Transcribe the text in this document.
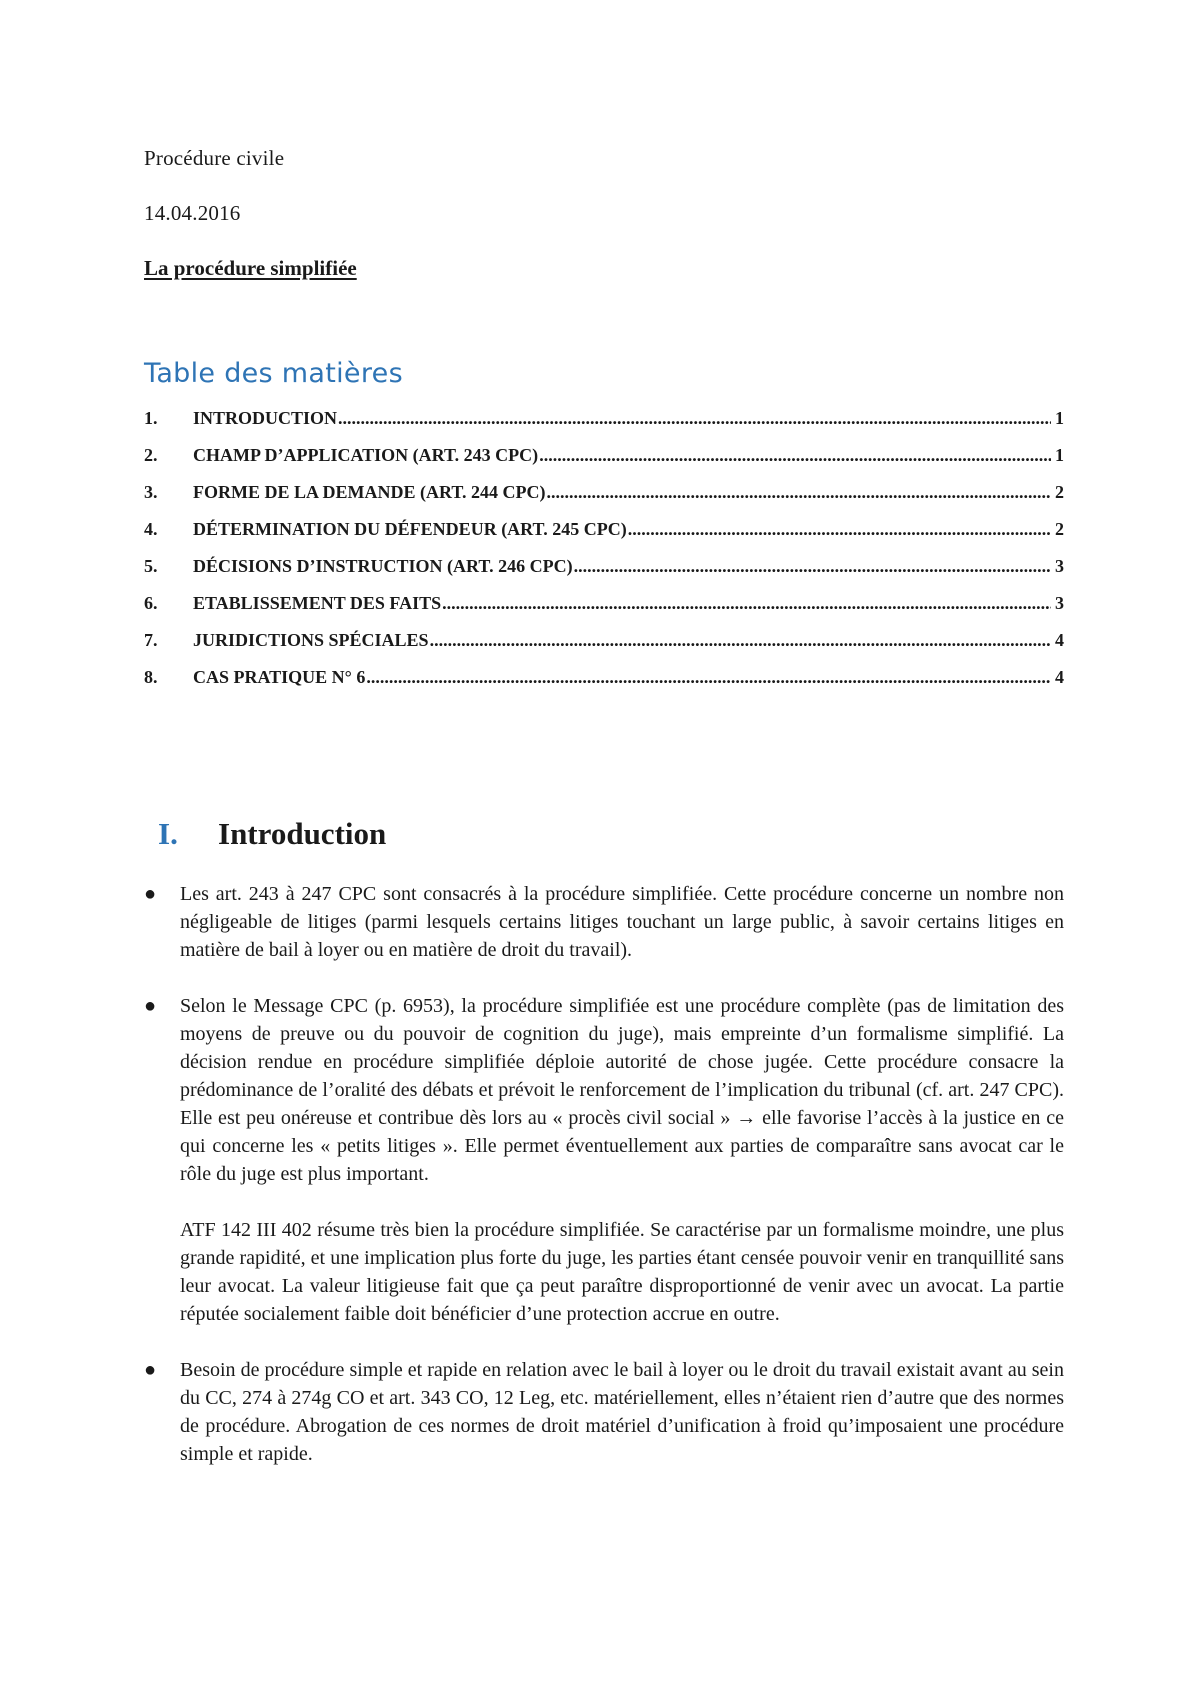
Procédure civile
14.04.2016
La procédure simplifiée
Table des matières
1.	INTRODUCTION .....	1
2.	CHAMP D’APPLICATION (ART. 243 CPC) .....	1
3.	FORME DE LA DEMANDE (ART. 244 CPC) .....	2
4.	DÉTERMINATION DU DÉFENDEUR (ART. 245 CPC) .....	2
5.	DÉCISIONS D’INSTRUCTION (ART. 246 CPC) .....	3
6.	ETABLISSEMENT DES FAITS .....	3
7.	JURIDICTIONS SPÉCIALES .....	4
8.	CAS PRATIQUE N° 6 .....	4
I.	Introduction
●	Les art. 243 à 247 CPC sont consacrés à la procédure simplifiée. Cette procédure concerne un nombre non négligeable de litiges (parmi lesquels certains litiges touchant un large public, à savoir certains litiges en matière de bail à loyer ou en matière de droit du travail).
●	Selon le Message CPC (p. 6953), la procédure simplifiée est une procédure complète (pas de limitation des moyens de preuve ou du pouvoir de cognition du juge), mais empreinte d’un formalisme simplifié. La décision rendue en procédure simplifiée déploie autorité de chose jugée. Cette procédure consacre la prédominance de l’oralité des débats et prévoit le renforcement de l’implication du tribunal (cf. art. 247 CPC). Elle est peu onéreuse et contribue dès lors au « procès civil social » → elle favorise l’accès à la justice en ce qui concerne les « petits litiges ». Elle permet éventuellement aux parties de comparaître sans avocat car le rôle du juge est plus important.
ATF 142 III 402 résume très bien la procédure simplifiée. Se caractérise par un formalisme moindre, une plus grande rapidité, et une implication plus forte du juge, les parties étant censée pouvoir venir en tranquillité sans leur avocat. La valeur litigieuse fait que ça peut paraître disproportionné de venir avec un avocat. La partie réputée socialement faible doit bénéficier d’une protection accrue en outre.
●	Besoin de procédure simple et rapide en relation avec le bail à loyer ou le droit du travail existait avant au sein du CC, 274 à 274g CO et art. 343 CO, 12 Leg, etc. matériellement, elles n’étaient rien d’autre que des normes de procédure. Abrogation de ces normes de droit matériel d’unification à froid qu’imposaient une procédure simple et rapide.
